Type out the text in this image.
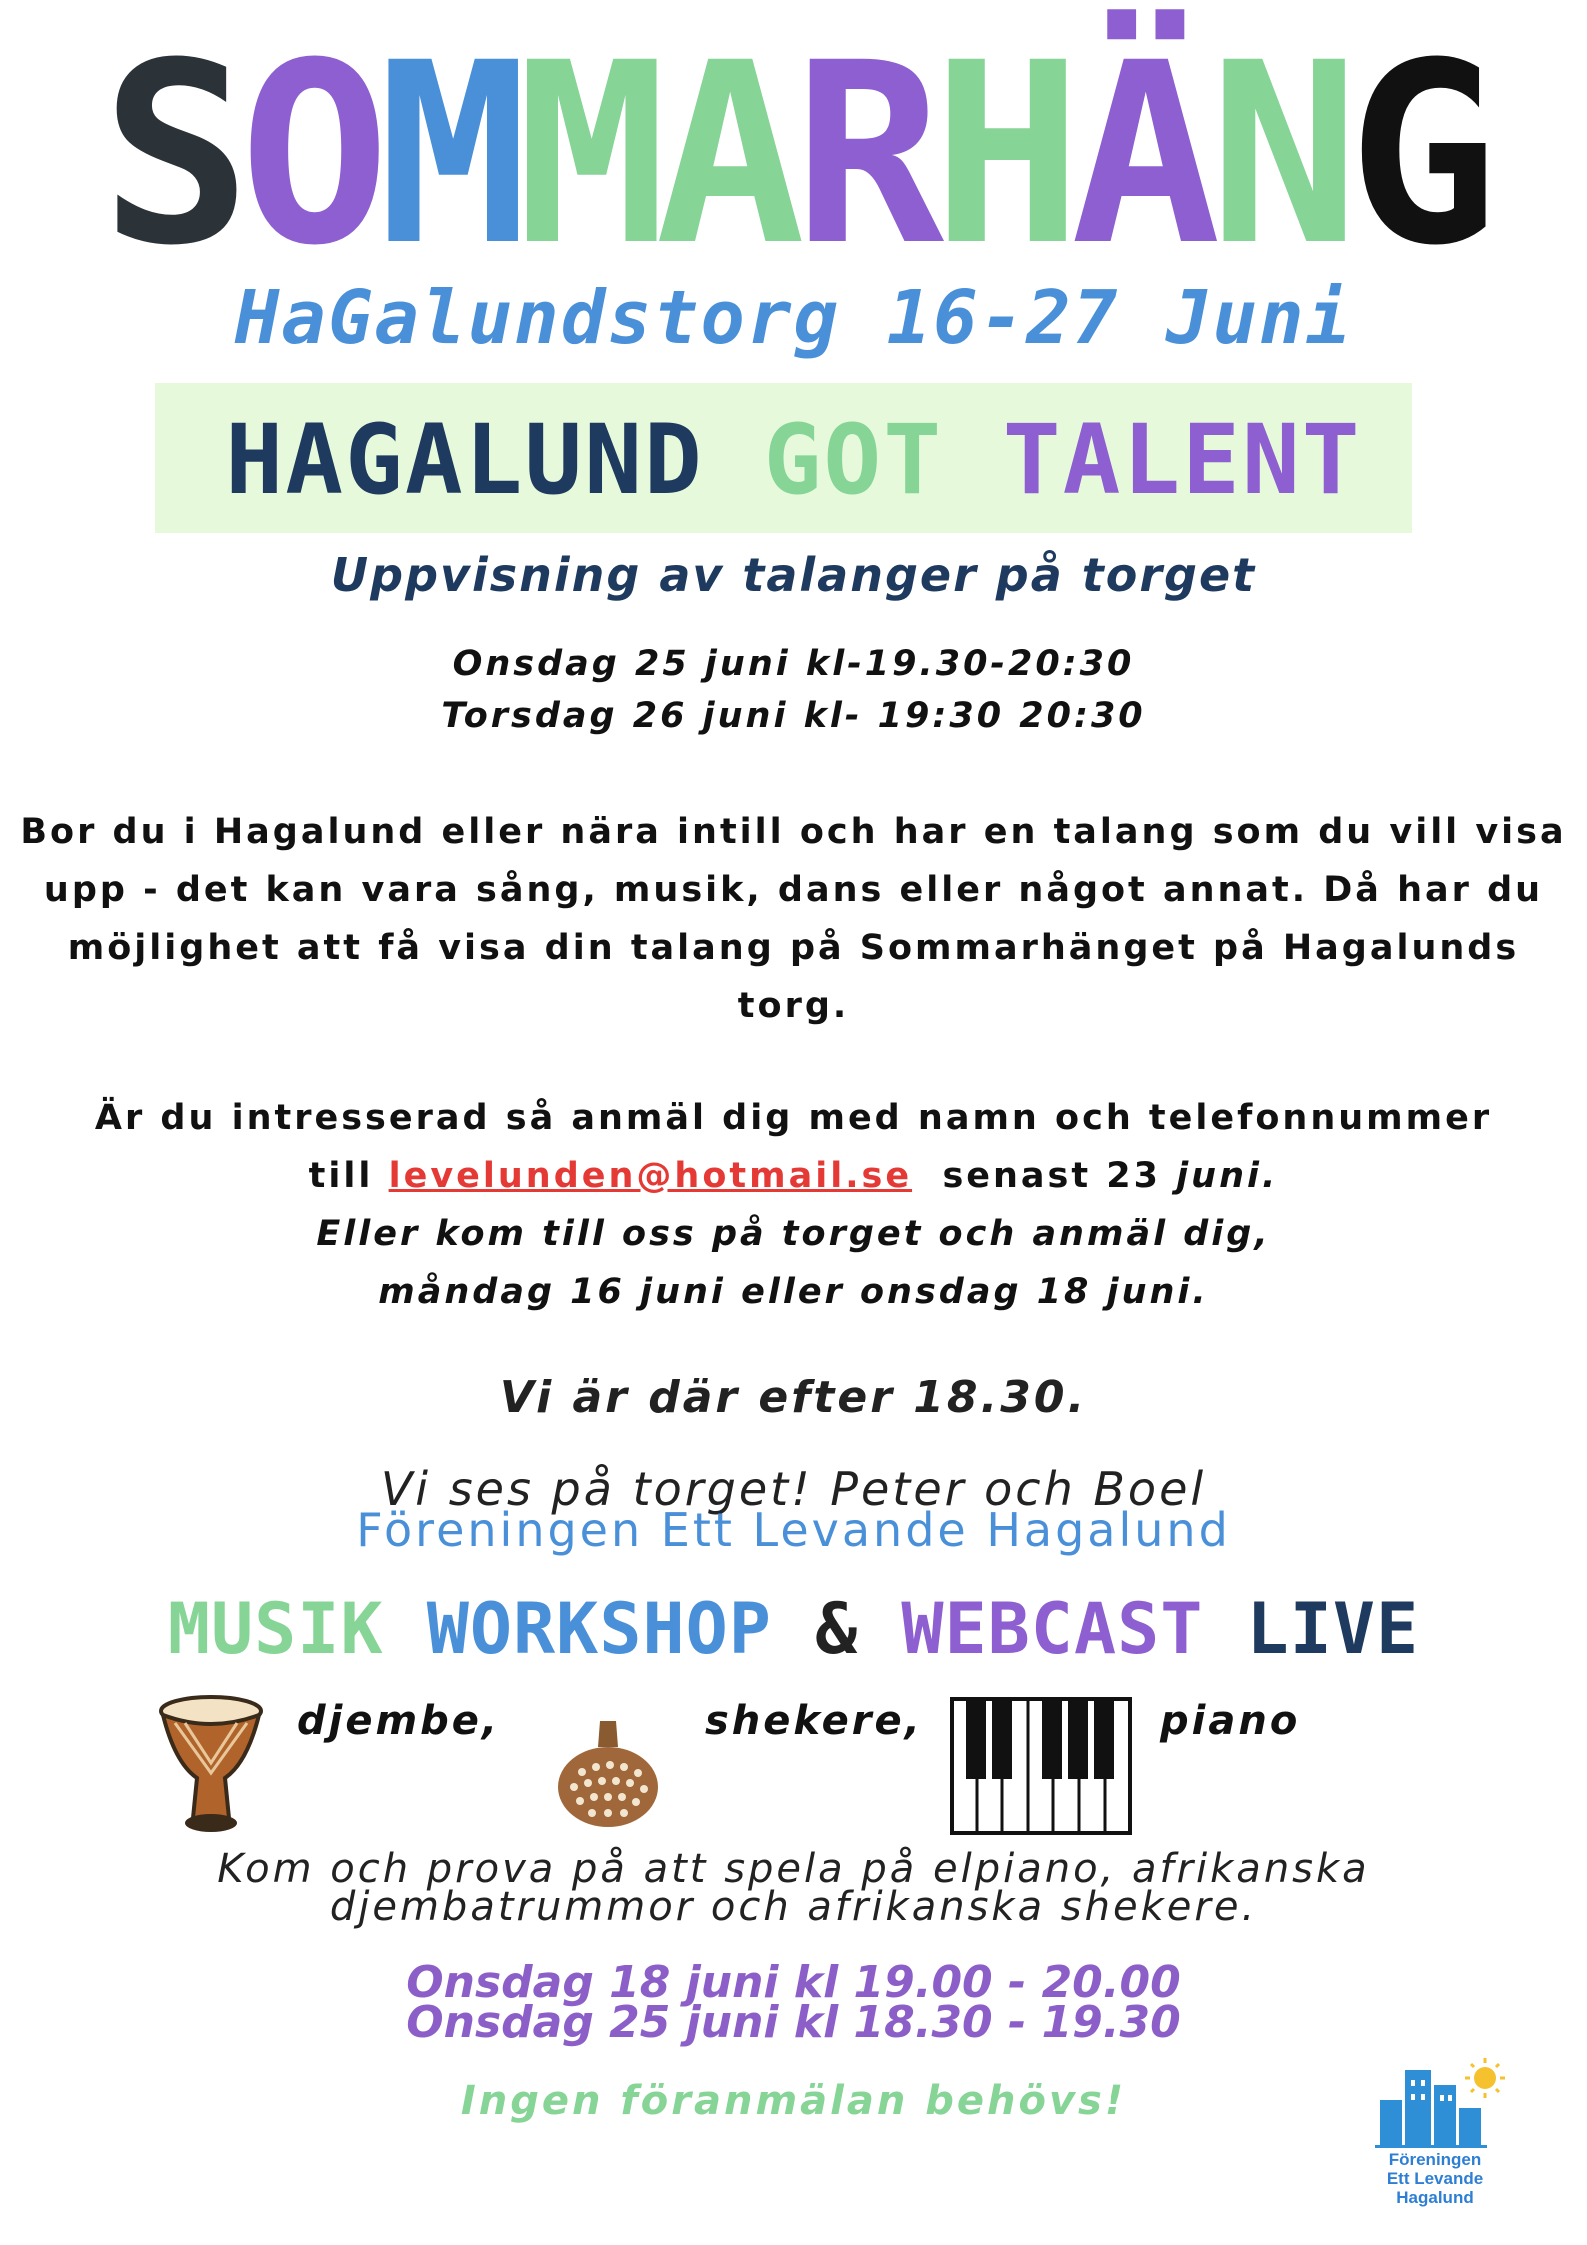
S O M M A R H Ä N G
HaGalundstorg 16-27 Juni
HAGALUND GOT TALENT
Uppvisning av talanger på torget
Onsdag 25 juni kl-19.30-20:30
Torsdag 26 juni kl- 19:30 20:30
Bor du i Hagalund eller nära intill och har en talang som du vill visa
upp - det kan vara sång, musik, dans eller något annat. Då har du
möjlighet att få visa din talang på Sommarhänget på Hagalunds
torg.
Är du intresserad så anmäl dig med namn och telefonnummer
till levelunden@hotmail.se senast 23 juni.
Eller kom till oss på torget och anmäl dig,
måndag 16 juni eller onsdag 18 juni.
Vi är där efter 18.30.
Vi ses på torget! Peter och Boel
Föreningen Ett Levande Hagalund
MUSIK WORKSHOP & WEBCAST LIVE
djembe,	shekere,	piano
Kom och prova på att spela på elpiano, afrikanska
djembatrummor och afrikanska shekere.
Onsdag 18 juni kl 19.00 - 20.00
Onsdag 25 juni kl 18.30 - 19.30
Ingen föranmälan behövs!
Föreningen
Ett Levande
Hagalund
